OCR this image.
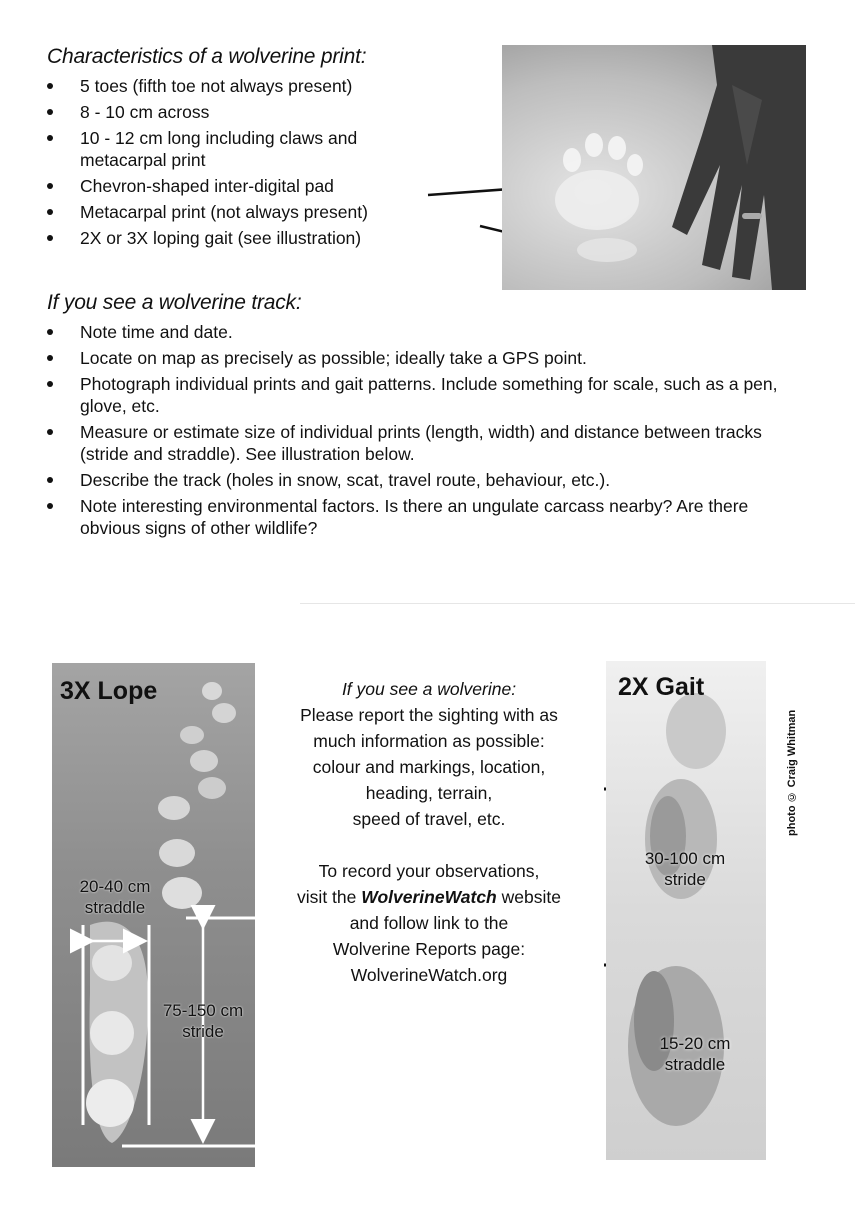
Characteristics of a wolverine print:
5 toes (fifth toe not always present)
8 - 10 cm across
10 - 12 cm long including claws and metacarpal print
Chevron-shaped inter-digital pad
Metacarpal print (not always present)
2X or 3X loping gait (see illustration)
If you see a wolverine track:
Note time and date.
Locate on map as precisely as possible; ideally take a GPS point.
Photograph individual prints and gait patterns. Include something for scale, such as a pen, glove, etc.
Measure or estimate size of individual prints (length, width) and distance between tracks (stride and straddle). See illustration below.
Describe the track (holes in snow, scat, travel route, behaviour, etc.).
Note interesting environmental factors. Is there an ungulate carcass nearby? Are there obvious signs of other wildlife?
3X Lope
20-40 cm
straddle
75-150 cm
stride

If you see a wolverine:

Please report the sighting with as

much information as possible:

colour and markings, location,

heading, terrain,

speed of travel, etc.

To record your observations,

visit the WolverineWatch website

and follow link to the

Wolverine Reports page:

WolverineWatch.org

2X Gait
30-100 cm
stride
15-20 cm
straddle
photo © Craig Whitman
